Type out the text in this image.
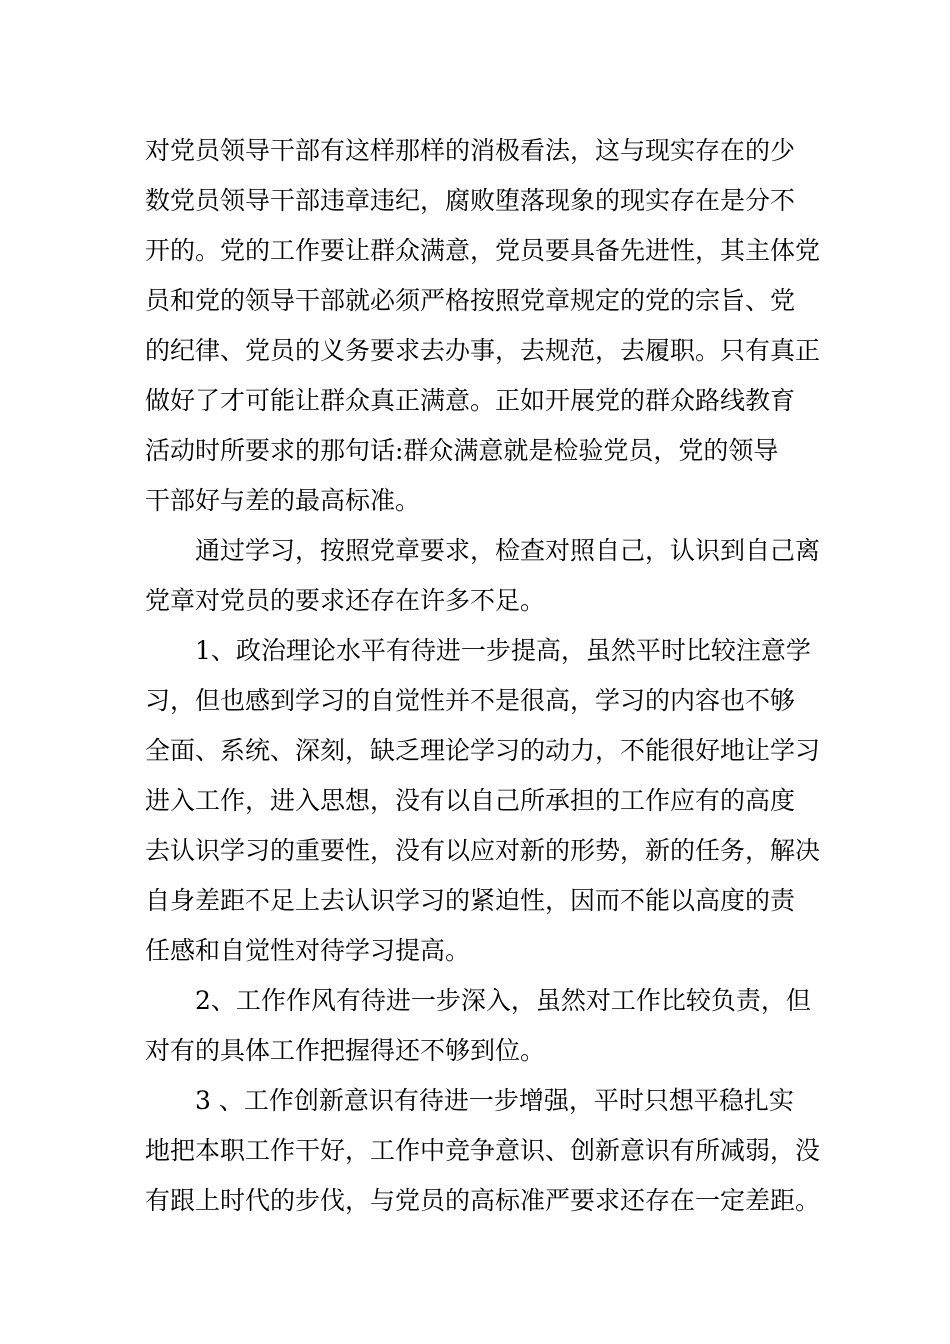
对党员领导干部有这样那样的消极看法，这与现实存在的少
数党员领导干部违章违纪，腐败堕落现象的现实存在是分不
开的。党的工作要让群众满意，党员要具备先进性，其主体党
员和党的领导干部就必须严格按照党章规定的党的宗旨、党
的纪律、党员的义务要求去办事，去规范，去履职。只有真正
做好了才可能让群众真正满意。正如开展党的群众路线教育
活动时所要求的那句话:群众满意就是检验党员，党的领导
干部好与差的最高标准。
通过学习，按照党章要求，检查对照自己，认识到自己离
党章对党员的要求还存在许多不足。
1、政治理论水平有待进一步提高，虽然平时比较注意学
习，但也感到学习的自觉性并不是很高，学习的内容也不够
全面、系统、深刻，缺乏理论学习的动力，不能很好地让学习
进入工作，进入思想，没有以自己所承担的工作应有的高度
去认识学习的重要性，没有以应对新的形势，新的任务，解决
自身差距不足上去认识学习的紧迫性，因而不能以高度的责
任感和自觉性对待学习提高。
2、工作作风有待进一步深入，虽然对工作比较负责，但
对有的具体工作把握得还不够到位。
3 、工作创新意识有待进一步增强，平时只想平稳扎实
地把本职工作干好，工作中竞争意识、创新意识有所减弱，没
有跟上时代的步伐，与党员的高标准严要求还存在一定差距。
